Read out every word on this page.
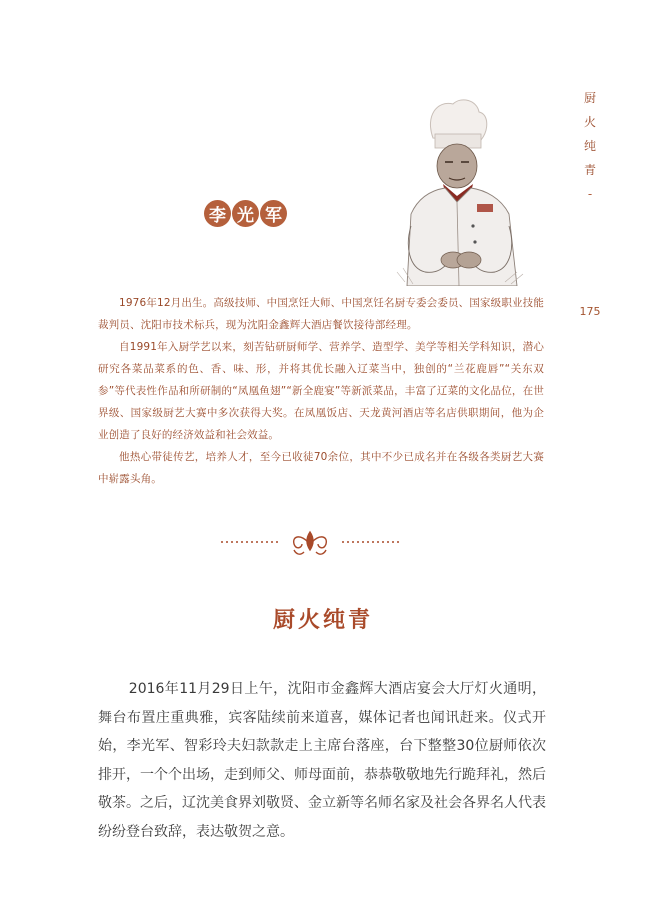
厨
火
纯
青
-
175
李 光 军

1976年12月出生。高级技师、中国烹饪大师、中国烹饪名厨专委会委员、国家级职业技能裁判员、沈阳市技术标兵，现为沈阳金鑫辉大酒店餐饮接待部经理。

自1991年入厨学艺以来，刻苦钻研厨师学、营养学、造型学、美学等相关学科知识，潜心研究各菜品菜系的色、香、味、形，并将其优长融入辽菜当中，独创的“兰花鹿唇”“关东双参”等代表性作品和所研制的“凤凰鱼翅”“新全鹿宴”等新派菜品，丰富了辽菜的文化品位，在世界级、国家级厨艺大赛中多次获得大奖。在凤凰饭店、天龙黄河酒店等名店供职期间，他为企业创造了良好的经济效益和社会效益。

他热心带徒传艺，培养人才，至今已收徒70余位，其中不少已成名并在各级各类厨艺大赛中崭露头角。

厨火纯青

2016年11月29日上午，沈阳市金鑫辉大酒店宴会大厅灯火通明，舞台布置庄重典雅，宾客陆续前来道喜，媒体记者也闻讯赶来。仪式开始，李光军、智彩玲夫妇款款走上主席台落座，台下整整30位厨师依次排开，一个个出场，走到师父、师母面前，恭恭敬敬地先行跪拜礼，然后敬茶。之后，辽沈美食界刘敬贤、金立新等名师名家及社会各界名人代表纷纷登台致辞，表达敬贺之意。
